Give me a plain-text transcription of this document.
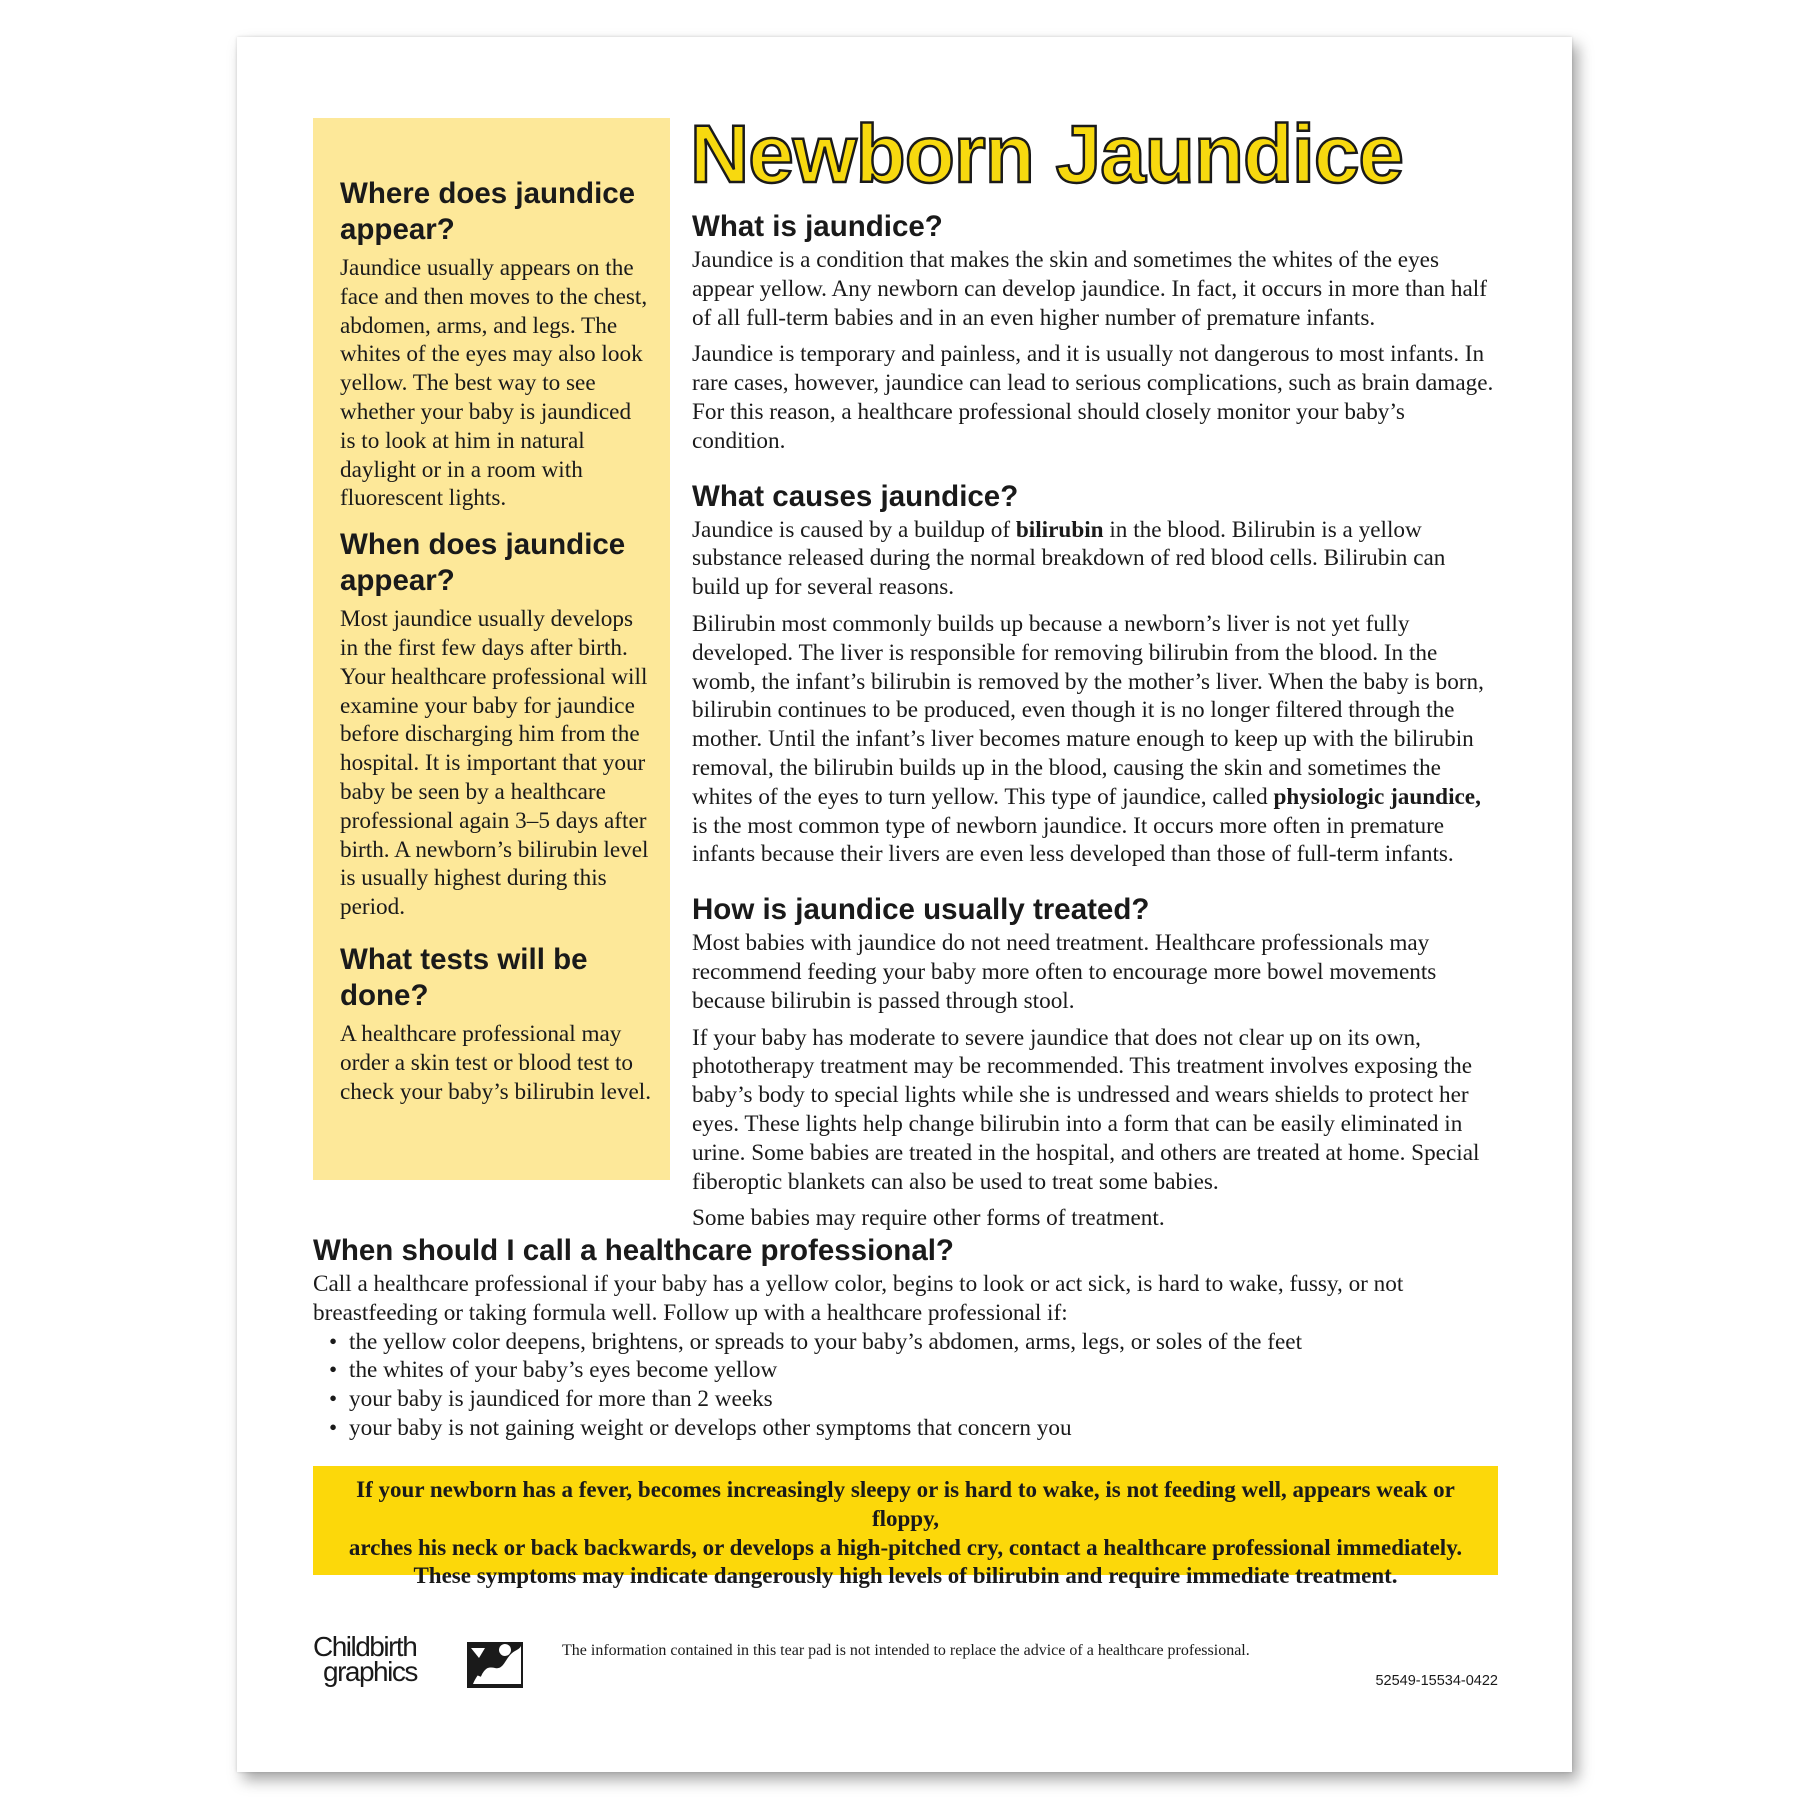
Where does jaundice appear?

Jaundice usually appears on the face and then moves to the chest, abdomen, arms, and legs. The whites of the eyes may also look yellow. The best way to see whether your baby is jaundiced is to look at him in natural daylight or in a room with fluorescent lights.

When does jaundice appear?

Most jaundice usually develops in the first few days after birth. Your healthcare professional will examine your baby for jaundice before discharging him from the hospital. It is important that your baby be seen by a healthcare professional again 3–5 days after birth. A newborn’s bilirubin level is usually highest during this period.

What tests will be done?

A healthcare professional may order a skin test or blood test to check your baby’s bilirubin level.

Newborn Jaundice
What is jaundice?

Jaundice is a condition that makes the skin and sometimes the whites of the eyes appear yellow. Any newborn can develop jaundice. In fact, it occurs in more than half of all full-term babies and in an even higher number of premature infants.

Jaundice is temporary and painless, and it is usually not dangerous to most infants. In rare cases, however, jaundice can lead to serious complications, such as brain damage. For this reason, a healthcare professional should closely monitor your baby’s condition.

What causes jaundice?

Jaundice is caused by a buildup of bilirubin in the blood. Bilirubin is a yellow substance released during the normal breakdown of red blood cells. Bilirubin can build up for several reasons.

Bilirubin most commonly builds up because a newborn’s liver is not yet fully developed. The liver is responsible for removing bilirubin from the blood. In the womb, the infant’s bilirubin is removed by the mother’s liver. When the baby is born, bilirubin continues to be produced, even though it is no longer filtered through the mother. Until the infant’s liver becomes mature enough to keep up with the bilirubin removal, the bilirubin builds up in the blood, causing the skin and sometimes the whites of the eyes to turn yellow. This type of jaundice, called physiologic jaundice, is the most common type of newborn jaundice. It occurs more often in premature infants because their livers are even less developed than those of full-term infants.

How is jaundice usually treated?

Most babies with jaundice do not need treatment. Healthcare professionals may recommend feeding your baby more often to encourage more bowel movements because bilirubin is passed through stool.

If your baby has moderate to severe jaundice that does not clear up on its own, phototherapy treatment may be recommended. This treatment involves exposing the baby’s body to special lights while she is undressed and wears shields to protect her eyes. These lights help change bilirubin into a form that can be easily eliminated in urine. Some babies are treated in the hospital, and others are treated at home. Special fiberoptic blankets can also be used to treat some babies.

Some babies may require other forms of treatment.

When should I call a healthcare professional?

Call a healthcare professional if your baby has a yellow color, begins to look or act sick, is hard to wake, fussy, or not breastfeeding or taking formula well. Follow up with a healthcare professional if:

• the yellow color deepens, brightens, or spreads to your baby’s abdomen, arms, legs, or soles of the feet
• the whites of your baby’s eyes become yellow
• your baby is jaundiced for more than 2 weeks
• your baby is not gaining weight or develops other symptoms that concern you
If your newborn has a fever, becomes increasingly sleepy or is hard to wake, is not feeding well, appears weak or floppy,
arches his neck or back backwards, or develops a high-pitched cry, contact a healthcare professional immediately.
These symptoms may indicate dangerously high levels of bilirubin and require immediate treatment.
Childbirth
graphics
The information contained in this tear pad is not intended to replace the advice of a healthcare professional.
52549-15534-0422
